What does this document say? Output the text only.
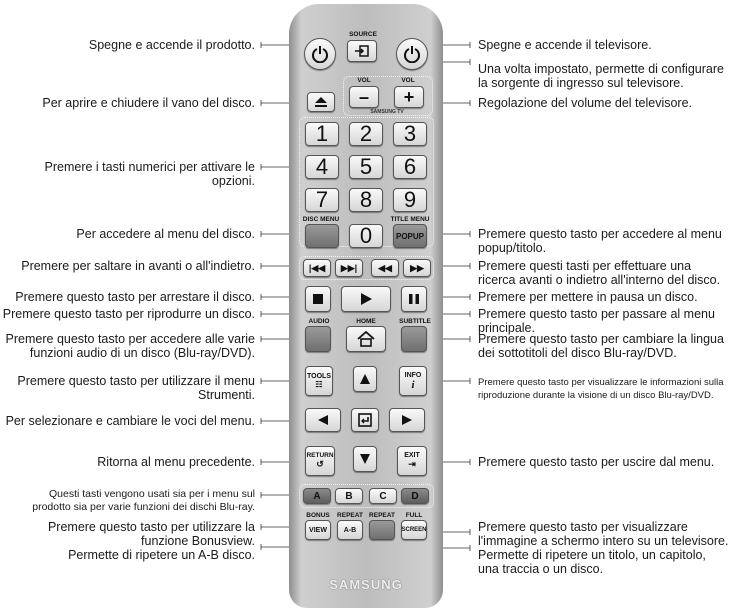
Spegne e accende il prodotto.
Per aprire e chiudere il vano del disco.
Premere i tasti numerici per attivare le
opzioni.
Per accedere al menu del disco.
Premere per saltare in avanti o all'indietro.
Premere questo tasto per arrestare il disco.
Premere questo tasto per riprodurre un disco.
Premere questo tasto per accedere alle varie
funzioni audio di un disco (Blu-ray/DVD).
Premere questo tasto per utilizzare il menu
Strumenti.
Per selezionare e cambiare le voci del menu.
Ritorna al menu precedente.
Questi tasti vengono usati sia per i menu sul
prodotto sia per varie funzioni dei dischi Blu-ray.
Premere questo tasto per utilizzare la
funzione Bonusview.
Permette di ripetere un A-B disco.
Spegne e accende il televisore.
Una volta impostato, permette di configurare
la sorgente di ingresso sul televisore.
Regolazione del volume del televisore.
Premere questo tasto per accedere al menu
popup/titolo.
Premere questi tasti per effettuare una
ricerca avanti o indietro all'interno del disco.
Premere per mettere in pausa un disco.
Premere questo tasto per passare al menu
principale.
Premere questo tasto per cambiare la lingua
dei sottotitoli del disco Blu-ray/DVD.
Premere questo tasto per visualizzare le informazioni sulla
riproduzione durante la visione di un disco Blu-ray/DVD.
Premere questo tasto per uscire dal menu.
Premere questo tasto per visualizzare
l'immagine a schermo intero su un televisore.
Permette di ripetere un titolo, un capitolo,
una traccia o un disco.
SOURCE
VOL	VOL
–	+
SAMSUNG TV
1	2	3
4	5	6
7	8	9
DISC MENU
0
TITLE MENU
POPUP
|◀◀ ▶▶| ◀◀ ▶▶
AUDIO	HOME	SUBTITLE
TOOLS
☷
INFO
i
RETURN
↺
EXIT
⇥
A	B	C	D
BONUS
VIEW
REPEAT
A-B
REPEAT	FULL
SCREEN
SAMSUNG
